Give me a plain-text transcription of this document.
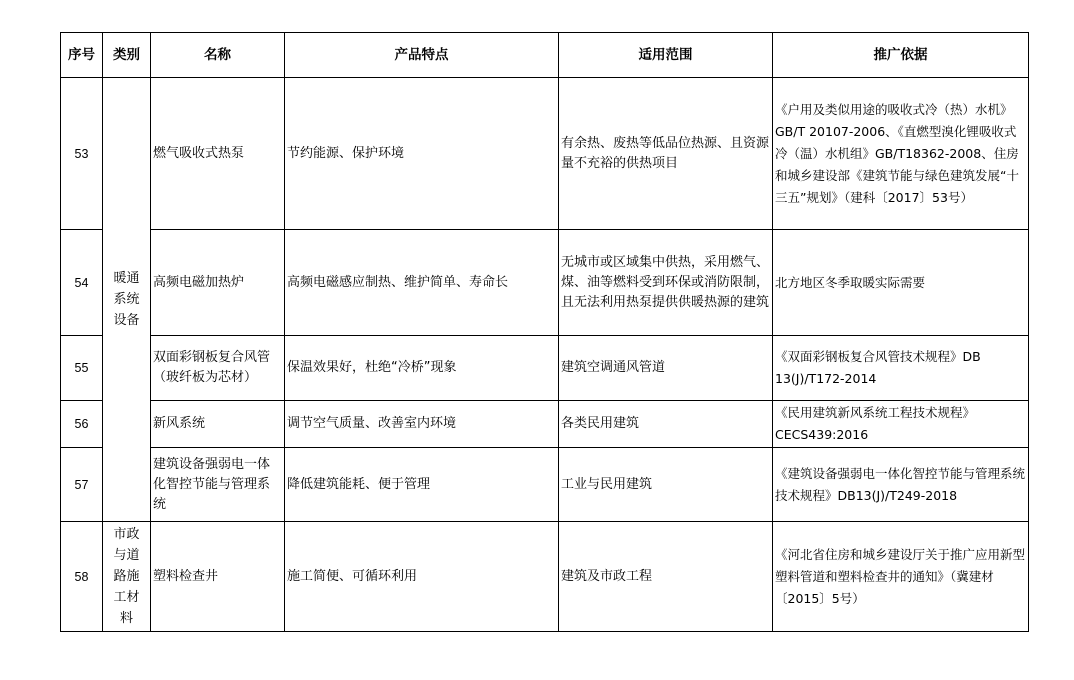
序号	类别	名称	产品特点	适用范围	推广依据
53	暖通系统设备	燃气吸收式热泵	节约能源、保护环境	有余热、废热等低品位热源、且资源量不充裕的供热项目	《户用及类似用途的吸收式冷（热）水机》GB/T 20107-2006、《直燃型溴化锂吸收式冷（温）水机组》GB/T18362-2008、住房和城乡建设部《建筑节能与绿色建筑发展“十三五”规划》（建科〔2017〕53号）
54		高频电磁加热炉	高频电磁感应制热、维护简单、寿命长	无城市或区域集中供热，采用燃气、煤、油等燃料受到环保或消防限制，且无法利用热泵提供供暖热源的建筑	北方地区冬季取暖实际需要
55		双面彩钢板复合风管（玻纤板为芯材）	保温效果好，杜绝“冷桥”现象	建筑空调通风管道	《双面彩钢板复合风管技术规程》DB 13(J)/T172-2014
56		新风系统	调节空气质量、改善室内环境	各类民用建筑	《民用建筑新风系统工程技术规程》CECS439:2016
57		建筑设备强弱电一体化智控节能与管理系统	降低建筑能耗、便于管理	工业与民用建筑	《建筑设备强弱电一体化智控节能与管理系统技术规程》DB13(J)/T249-2018
58	市政与道路施工材料	塑料检查井	施工简便、可循环利用	建筑及市政工程	《河北省住房和城乡建设厅关于推广应用新型塑料管道和塑料检查井的通知》（冀建材〔2015〕5号）
